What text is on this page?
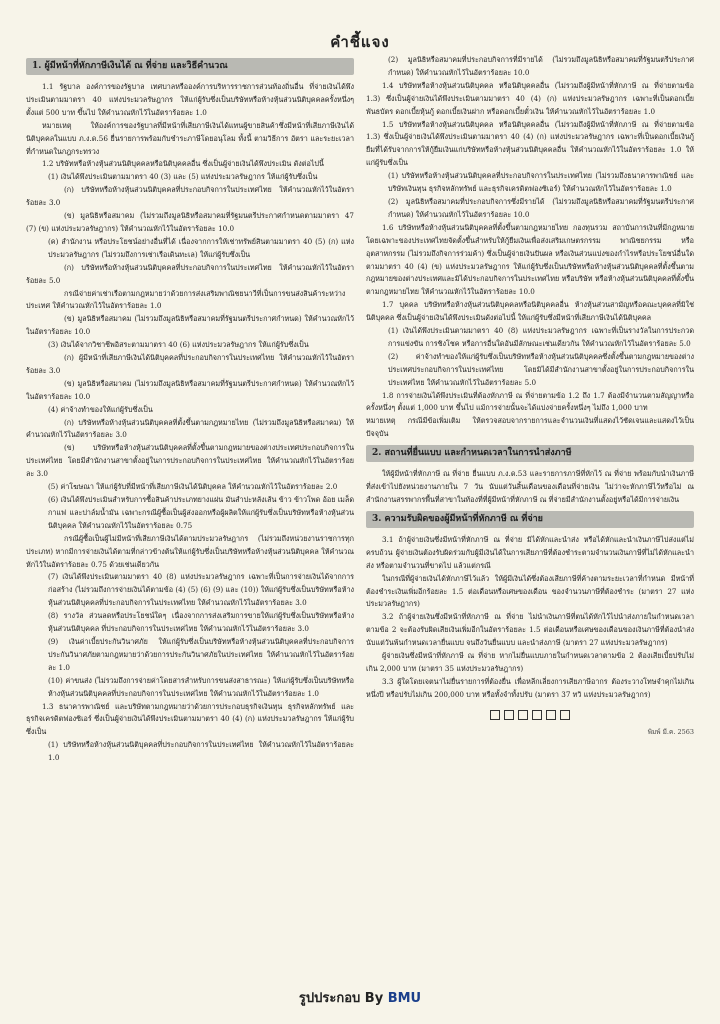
คำชี้แจง
1. ผู้มีหน้าที่หักภาษีเงินได้ ณ ที่จ่าย และวิธีคำนวณ

1.1 รัฐบาล องค์การของรัฐบาล เทศบาลหรือองค์การบริหารราชการส่วนท้องถิ่นอื่น ที่จ่ายเงินได้พึงประเมินตามมาตรา 40 แห่งประมวลรัษฎากร ให้แก่ผู้รับซึ่งเป็นบริษัทหรือห้างหุ้นส่วนนิติบุคคลครั้งหนึ่งๆ ตั้งแต่ 500 บาท ขึ้นไป ให้คำนวณหักไว้ในอัตราร้อยละ 1.0

หมายเหตุ ให้องค์การของรัฐบาลที่มีหน้าที่เสียภาษีเงินได้แทนผู้ขายสินค้าซึ่งมีหน้าที่เสียภาษีเงินได้นิติบุคคลในแบบ ภ.ง.ด.56 ยื่นรายการพร้อมกับชำระภาษีโดยอนุโลม ทั้งนี้ ตามวิธีการ อัตรา และระยะเวลาที่กำหนดในกฎกระทรวง

1.2 บริษัทหรือห้างหุ้นส่วนนิติบุคคลหรือนิติบุคคลอื่น ซึ่งเป็นผู้จ่ายเงินได้พึงประเมิน ดังต่อไปนี้

(1) เงินได้พึงประเมินตามมาตรา 40 (3) และ (5) แห่งประมวลรัษฎากร ให้แก่ผู้รับซึ่งเป็น

(ก) บริษัทหรือห้างหุ้นส่วนนิติบุคคลที่ประกอบกิจการในประเทศไทย ให้คำนวณหักไว้ในอัตราร้อยละ 3.0

(ข) มูลนิธิหรือสมาคม (ไม่รวมถึงมูลนิธิหรือสมาคมที่รัฐมนตรีประกาศกำหนดตามมาตรา 47 (7) (ข) แห่งประมวลรัษฎากร) ให้คำนวณหักไว้ในอัตราร้อยละ 10.0

(ค) สำนักงาน หรือประโยชน์อย่างอื่นที่ได้ เนื่องจากการให้เช่าทรัพย์สินตามมาตรา 40 (5) (ก) แห่งประมวลรัษฎากร (ไม่รวมถึงการเช่าเรือเดินทะเล) ให้แก่ผู้รับซึ่งเป็น

(ก) บริษัทหรือห้างหุ้นส่วนนิติบุคคลที่ประกอบกิจการในประเทศไทย ให้คำนวณหักไว้ในอัตราร้อยละ 5.0

กรณีจ่ายค่าเช่าเรือตามกฎหมายว่าด้วยการส่งเสริมพาณิชยนาวีที่เป็นการขนส่งสินค้าระหว่างประเทศ ให้คำนวณหักไว้ในอัตราร้อยละ 1.0

(ข) มูลนิธิหรือสมาคม (ไม่รวมถึงมูลนิธิหรือสมาคมที่รัฐมนตรีประกาศกำหนด) ให้คำนวณหักไว้ในอัตราร้อยละ 10.0

(3) เงินได้จากวิชาชีพอิสระตามมาตรา 40 (6) แห่งประมวลรัษฎากร ให้แก่ผู้รับซึ่งเป็น

(ก) ผู้มีหน้าที่เสียภาษีเงินได้นิติบุคคลที่ประกอบกิจการในประเทศไทย ให้คำนวณหักไว้ในอัตราร้อยละ 3.0

(ข) มูลนิธิหรือสมาคม (ไม่รวมถึงมูลนิธิหรือสมาคมที่รัฐมนตรีประกาศกำหนด) ให้คำนวณหักไว้ในอัตราร้อยละ 10.0

(4) ค่าจ้างทำของให้แก่ผู้รับซึ่งเป็น

(ก) บริษัทหรือห้างหุ้นส่วนนิติบุคคลที่ตั้งขึ้นตามกฎหมายไทย (ไม่รวมถึงมูลนิธิหรือสมาคม) ให้คำนวณหักไว้ในอัตราร้อยละ 3.0

(ข) บริษัทหรือห้างหุ้นส่วนนิติบุคคลที่ตั้งขึ้นตามกฎหมายของต่างประเทศประกอบกิจการในประเทศไทย โดยมีสำนักงานสาขาตั้งอยู่ในการประกอบกิจการในประเทศไทย ให้คำนวณหักไว้ในอัตราร้อยละ 3.0

(5) ค่าโฆษณา ให้แก่ผู้รับที่มีหน้าที่เสียภาษีเงินได้นิติบุคคล ให้คำนวณหักไว้ในอัตราร้อยละ 2.0

(6) เงินได้พึงประเมินสำหรับการซื้อสินค้าประเภทยางแผ่น มันสำปะหลังเส้น ข้าว ข้าวโพด อ้อย เมล็ดกาแฟ และปาล์มน้ำมัน เฉพาะกรณีผู้ซื้อเป็นผู้ส่งออกหรือผู้ผลิตให้แก่ผู้รับซึ่งเป็นบริษัทหรือห้างหุ้นส่วนนิติบุคคล ให้คำนวณหักไว้ในอัตราร้อยละ 0.75

กรณีผู้ซื้อเป็นผู้ไม่มีหน้าที่เสียภาษีเงินได้ตามประมวลรัษฎากร (ไม่รวมถึงหน่วยงานราชการทุกประเภท) หากมีการจ่ายเงินได้ตามที่กล่าวข้างต้นให้แก่ผู้รับซึ่งเป็นบริษัทหรือห้างหุ้นส่วนนิติบุคคล ให้คำนวณหักไว้ในอัตราร้อยละ 0.75 ด้วยเช่นเดียวกัน

(7) เงินได้พึงประเมินตามมาตรา 40 (8) แห่งประมวลรัษฎากร เฉพาะที่เป็นการจ่ายเงินได้จากการก่อสร้าง (ไม่รวมถึงการจ่ายเงินได้ตามข้อ (4) (5) (6) (9) และ (10)) ให้แก่ผู้รับซึ่งเป็นบริษัทหรือห้างหุ้นส่วนนิติบุคคลที่ประกอบกิจการในประเทศไทย ให้คำนวณหักไว้ในอัตราร้อยละ 3.0

(8) รางวัล ส่วนลดหรือประโยชน์ใดๆ เนื่องจากการส่งเสริมการขายให้แก่ผู้รับซึ่งเป็นบริษัทหรือห้างหุ้นส่วนนิติบุคคล ที่ประกอบกิจการในประเทศไทย ให้คำนวณหักไว้ในอัตราร้อยละ 3.0

(9) เงินค่าเบี้ยประกันวินาศภัย ให้แก่ผู้รับซึ่งเป็นบริษัทหรือห้างหุ้นส่วนนิติบุคคลที่ประกอบกิจการประกันวินาศภัยตามกฎหมายว่าด้วยการประกันวินาศภัยในประเทศไทย ให้คำนวณหักไว้ในอัตราร้อยละ 1.0

(10) ค่าขนส่ง (ไม่รวมถึงการจ่ายค่าโดยสารสำหรับการขนส่งสาธารณะ) ให้แก่ผู้รับซึ่งเป็นบริษัทหรือห้างหุ้นส่วนนิติบุคคลที่ประกอบกิจการในประเทศไทย ให้คำนวณหักไว้ในอัตราร้อยละ 1.0

1.3 ธนาคารพาณิชย์ และบริษัทตามกฎหมายว่าด้วยการประกอบธุรกิจเงินทุน ธุรกิจหลักทรัพย์ และธุรกิจเครดิตฟองซิเอร์ ซึ่งเป็นผู้จ่ายเงินได้พึงประเมินตามมาตรา 40 (4) (ก) แห่งประมวลรัษฎากร ให้แก่ผู้รับซึ่งเป็น

(1) บริษัทหรือห้างหุ้นส่วนนิติบุคคลที่ประกอบกิจการในประเทศไทย ให้คำนวณหักไว้ในอัตราร้อยละ 1.0

(2) มูลนิธิหรือสมาคมที่ประกอบกิจการที่มีรายได้ (ไม่รวมถึงมูลนิธิหรือสมาคมที่รัฐมนตรีประกาศกำหนด) ให้คำนวณหักไว้ในอัตราร้อยละ 10.0

1.4 บริษัทหรือห้างหุ้นส่วนนิติบุคคล หรือนิติบุคคลอื่น (ไม่รวมถึงผู้มีหน้าที่หักภาษี ณ ที่จ่ายตามข้อ 1.3) ซึ่งเป็นผู้จ่ายเงินได้พึงประเมินตามมาตรา 40 (4) (ก) แห่งประมวลรัษฎากร เฉพาะที่เป็นดอกเบี้ยพันธบัตร ดอกเบี้ยหุ้นกู้ ดอกเบี้ยเงินฝาก หรือดอกเบี้ยตั๋วเงิน ให้คำนวณหักไว้ในอัตราร้อยละ 1.0

1.5 บริษัทหรือห้างหุ้นส่วนนิติบุคคล หรือนิติบุคคลอื่น (ไม่รวมถึงผู้มีหน้าที่หักภาษี ณ ที่จ่ายตามข้อ 1.3) ซึ่งเป็นผู้จ่ายเงินได้พึงประเมินตามมาตรา 40 (4) (ก) แห่งประมวลรัษฎากร เฉพาะที่เป็นดอกเบี้ยเงินกู้ยืมที่ได้รับจากการให้กู้ยืมเงินแก่บริษัทหรือห้างหุ้นส่วนนิติบุคคลอื่น ให้คำนวณหักไว้ในอัตราร้อยละ 1.0 ให้แก่ผู้รับซึ่งเป็น

(1) บริษัทหรือห้างหุ้นส่วนนิติบุคคลที่ประกอบกิจการในประเทศไทย (ไม่รวมถึงธนาคารพาณิชย์ และบริษัทเงินทุน ธุรกิจหลักทรัพย์ และธุรกิจเครดิตฟองซิเอร์) ให้คำนวณหักไว้ในอัตราร้อยละ 1.0

(2) มูลนิธิหรือสมาคมที่ประกอบกิจการซึ่งมีรายได้ (ไม่รวมถึงมูลนิธิหรือสมาคมที่รัฐมนตรีประกาศกำหนด) ให้คำนวณหักไว้ในอัตราร้อยละ 10.0

1.6 บริษัทหรือห้างหุ้นส่วนนิติบุคคลที่ตั้งขึ้นตามกฎหมายไทย กองทุนรวม สถาบันการเงินที่มีกฎหมายโดยเฉพาะของประเทศไทยจัดตั้งขึ้นสำหรับให้กู้ยืมเงินเพื่อส่งเสริมเกษตรกรรม พาณิชยกรรม หรืออุตสาหกรรม (ไม่รวมถึงกิจการร่วมค้า) ซึ่งเป็นผู้จ่ายเงินปันผล หรือเงินส่วนแบ่งของกำไรหรือประโยชน์อื่นใดตามมาตรา 40 (4) (ข) แห่งประมวลรัษฎากร ให้แก่ผู้รับซึ่งเป็นบริษัทหรือห้างหุ้นส่วนนิติบุคคลที่ตั้งขึ้นตามกฎหมายของต่างประเทศและมิได้ประกอบกิจการในประเทศไทย หรือบริษัท หรือห้างหุ้นส่วนนิติบุคคลที่ตั้งขึ้นตามกฎหมายไทย ให้คำนวณหักไว้ในอัตราร้อยละ 10.0

1.7 บุคคล บริษัทหรือห้างหุ้นส่วนนิติบุคคลหรือนิติบุคคลอื่น ห้างหุ้นส่วนสามัญหรือคณะบุคคลที่มิใช่นิติบุคคล ซึ่งเป็นผู้จ่ายเงินได้พึงประเมินดังต่อไปนี้ ให้แก่ผู้รับซึ่งมีหน้าที่เสียภาษีเงินได้นิติบุคคล

(1) เงินได้พึงประเมินตามมาตรา 40 (8) แห่งประมวลรัษฎากร เฉพาะที่เป็นรางวัลในการประกวด การแข่งขัน การชิงโชค หรือการอื่นใดอันมีลักษณะเช่นเดียวกัน ให้คำนวณหักไว้ในอัตราร้อยละ 5.0

(2) ค่าจ้างทำของให้แก่ผู้รับซึ่งเป็นบริษัทหรือห้างหุ้นส่วนนิติบุคคลซึ่งตั้งขึ้นตามกฎหมายของต่างประเทศประกอบกิจการในประเทศไทย โดยมิได้มีสำนักงานสาขาตั้งอยู่ในการประกอบกิจการในประเทศไทย ให้คำนวณหักไว้ในอัตราร้อยละ 5.0

1.8 การจ่ายเงินได้พึงประเมินที่ต้องหักภาษี ณ ที่จ่ายตามข้อ 1.2 ถึง 1.7 ต้องมีจำนวนตามสัญญาหรือครั้งหนึ่งๆ ตั้งแต่ 1,000 บาท ขึ้นไป แม้การจ่ายนั้นจะได้แบ่งจ่ายครั้งหนึ่งๆ ไม่ถึง 1,000 บาท

หมายเหตุ กรณีมีข้อเพิ่มเติม ให้ตรวจสอบจากรายการและจำนวนเงินที่แสดงไว้ชัดเจนและแสดงไว้เป็นปัจจุบัน

2. สถานที่ยื่นแบบ และกำหนดเวลาในการนำส่งภาษี

ให้ผู้มีหน้าที่หักภาษี ณ ที่จ่าย ยื่นแบบ ภ.ง.ด.53 และรายการภาษีที่หักไว้ ณ ที่จ่าย พร้อมกับนำเงินภาษีที่ส่งเข้าไปยังหน่วยงานภายใน 7 วัน นับแต่วันสิ้นเดือนของเดือนที่จ่ายเงิน ไม่ว่าจะหักภาษีไว้หรือไม่ ณ สำนักงานสรรพากรพื้นที่สาขาในท้องที่ที่ผู้มีหน้าที่หักภาษี ณ ที่จ่ายมีสำนักงานตั้งอยู่หรือได้มีการจ่ายเงิน

3. ความรับผิดของผู้มีหน้าที่หักภาษี ณ ที่จ่าย

3.1 ถ้าผู้จ่ายเงินซึ่งมีหน้าที่หักภาษี ณ ที่จ่าย มิได้หักและนำส่ง หรือได้หักและนำเงินภาษีไปส่งแต่ไม่ครบถ้วน ผู้จ่ายเงินต้องรับผิดร่วมกับผู้มีเงินได้ในการเสียภาษีที่ต้องชำระตามจำนวนเงินภาษีที่ไม่ได้หักและนำส่ง หรือตามจำนวนที่ขาดไป แล้วแต่กรณี

ในกรณีที่ผู้จ่ายเงินได้หักภาษีไว้แล้ว ให้ผู้มีเงินได้ซึ่งต้องเสียภาษีที่ค้างตามระยะเวลาที่กำหนด มีหน้าที่ต้องชำระเงินเพิ่มอีกร้อยละ 1.5 ต่อเดือนหรือเศษของเดือน ของจำนวนภาษีที่ต้องชำระ (มาตรา 27 แห่งประมวลรัษฎากร)

3.2 ถ้าผู้จ่ายเงินซึ่งมีหน้าที่หักภาษี ณ ที่จ่าย ไม่นำเงินภาษีที่ตนได้หักไว้ไปนำส่งภายในกำหนดเวลาตามข้อ 2 จะต้องรับผิดเสียเงินเพิ่มอีกในอัตราร้อยละ 1.5 ต่อเดือนหรือเศษของเดือนของเงินภาษีที่ต้องนำส่ง นับแต่วันพ้นกำหนดเวลายื่นแบบ จนถึงวันยื่นแบบ และนำส่งภาษี (มาตรา 27 แห่งประมวลรัษฎากร)

ผู้จ่ายเงินซึ่งมีหน้าที่หักภาษี ณ ที่จ่าย หากไม่ยื่นแบบภายในกำหนดเวลาตามข้อ 2 ต้องเสียเบี้ยปรับไม่เกิน 2,000 บาท (มาตรา 35 แห่งประมวลรัษฎากร)

3.3 ผู้ใดโดยเจตนาไม่ยื่นรายการที่ต้องยื่น เพื่อหลีกเลี่ยงการเสียภาษีอากร ต้องระวางโทษจำคุกไม่เกินหนึ่งปี หรือปรับไม่เกิน 200,000 บาท หรือทั้งจำทั้งปรับ (มาตรา 37 ทวิ แห่งประมวลรัษฎากร)

พิมพ์ มี.ค. 2563
รูปประกอบ By BMU
